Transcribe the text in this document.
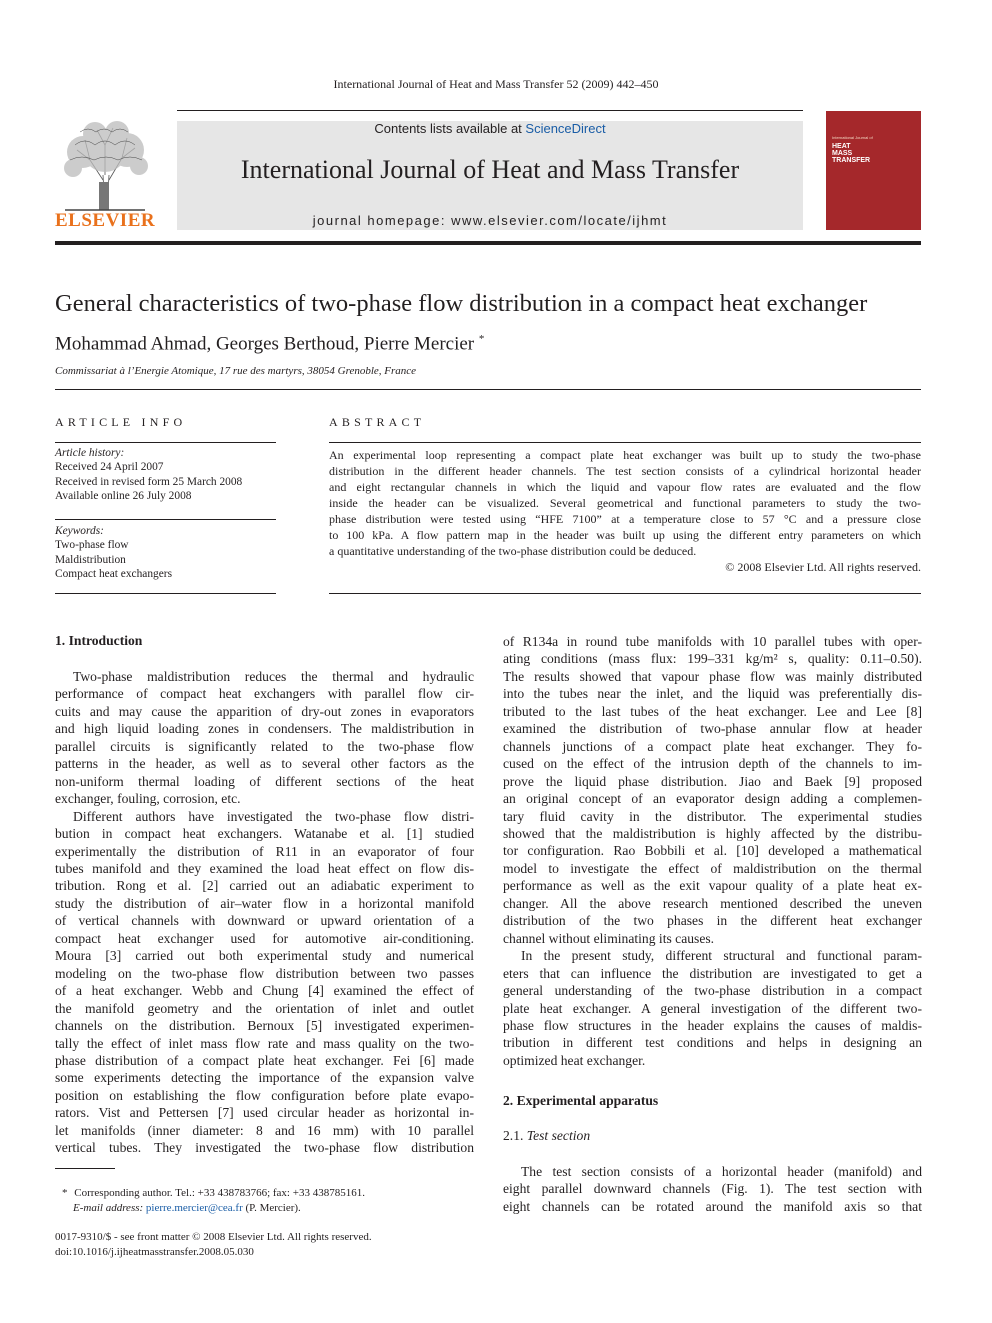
International Journal of Heat and Mass Transfer 52 (2009) 442–450
ELSEVIER
Contents lists available at ScienceDirect
International Journal of Heat and Mass Transfer
journal homepage: www.elsevier.com/locate/ijhmt
International Journal of
HEAT
MASS
TRANSFER
General characteristics of two-phase flow distribution in a compact heat exchanger
Mohammad Ahmad, Georges Berthoud, Pierre Mercier *
Commissariat à l’Energie Atomique, 17 rue des martyrs, 38054 Grenoble, France
ARTICLE INFO
Article history:
Received 24 April 2007
Received in revised form 25 March 2008
Available online 26 July 2008
Keywords:
Two-phase flow
Maldistribution
Compact heat exchangers
ABSTRACT
An experimental loop representing a compact plate heat exchanger was built up to study the two-phase
distribution in the different header channels. The test section consists of a cylindrical horizontal header
and eight rectangular channels in which the liquid and vapour flow rates are evaluated and the flow
inside the header can be visualized. Several geometrical and functional parameters to study the two-
phase distribution were tested using “HFE 7100” at a temperature close to 57 °C and a pressure close
to 100 kPa. A flow pattern map in the header was built up using the different entry parameters on which
a quantitative understanding of the two-phase distribution could be deduced.
© 2008 Elsevier Ltd. All rights reserved.
1. Introduction
Two-phase maldistribution reduces the thermal and hydraulic
performance of compact heat exchangers with parallel flow cir-
cuits and may cause the apparition of dry-out zones in evaporators
and high liquid loading zones in condensers. The maldistribution in
parallel circuits is significantly related to the two-phase flow
patterns in the header, as well as to several other factors as the
non-uniform thermal loading of different sections of the heat
exchanger, fouling, corrosion, etc.
Different authors have investigated the two-phase flow distri-
bution in compact heat exchangers. Watanabe et al. [1] studied
experimentally the distribution of R11 in an evaporator of four
tubes manifold and they examined the load heat effect on flow dis-
tribution. Rong et al. [2] carried out an adiabatic experiment to
study the distribution of air–water flow in a horizontal manifold
of vertical channels with downward or upward orientation of a
compact heat exchanger used for automotive air-conditioning.
Moura [3] carried out both experimental study and numerical
modeling on the two-phase flow distribution between two passes
of a heat exchanger. Webb and Chung [4] examined the effect of
the manifold geometry and the orientation of inlet and outlet
channels on the distribution. Bernoux [5] investigated experimen-
tally the effect of inlet mass flow rate and mass quality on the two-
phase distribution of a compact plate heat exchanger. Fei [6] made
some experiments detecting the importance of the expansion valve
position on establishing the flow configuration before plate evapo-
rators. Vist and Pettersen [7] used circular header as horizontal in-
let manifolds (inner diameter: 8 and 16 mm) with 10 parallel
vertical tubes. They investigated the two-phase flow distribution
of R134a in round tube manifolds with 10 parallel tubes with oper-
ating conditions (mass flux: 199–331 kg/m² s, quality: 0.11–0.50).
The results showed that vapour phase flow was mainly distributed
into the tubes near the inlet, and the liquid was preferentially dis-
tributed to the last tubes of the heat exchanger. Lee and Lee [8]
examined the distribution of two-phase annular flow at header
channels junctions of a compact plate heat exchanger. They fo-
cused on the effect of the intrusion depth of the channels to im-
prove the liquid phase distribution. Jiao and Baek [9] proposed
an original concept of an evaporator design adding a complemen-
tary fluid cavity in the distributor. The experimental studies
showed that the maldistribution is highly affected by the distribu-
tor configuration. Rao Bobbili et al. [10] developed a mathematical
model to investigate the effect of maldistribution on the thermal
performance as well as the exit vapour quality of a plate heat ex-
changer. All the above research mentioned described the uneven
distribution of the two phases in the different heat exchanger
channel without eliminating its causes.
In the present study, different structural and functional param-
eters that can influence the distribution are investigated to get a
general understanding of the two-phase distribution in a compact
plate heat exchanger. A general investigation of the different two-
phase flow structures in the header explains the causes of maldis-
tribution in different test conditions and helps in designing an
optimized heat exchanger.
2. Experimental apparatus
2.1. Test section
The test section consists of a horizontal header (manifold) and
eight parallel downward channels (Fig. 1). The test section with
eight channels can be rotated around the manifold axis so that
* Corresponding author. Tel.: +33 438783766; fax: +33 438785161.
E-mail address: pierre.mercier@cea.fr (P. Mercier).
0017-9310/$ - see front matter © 2008 Elsevier Ltd. All rights reserved.
doi:10.1016/j.ijheatmasstransfer.2008.05.030
